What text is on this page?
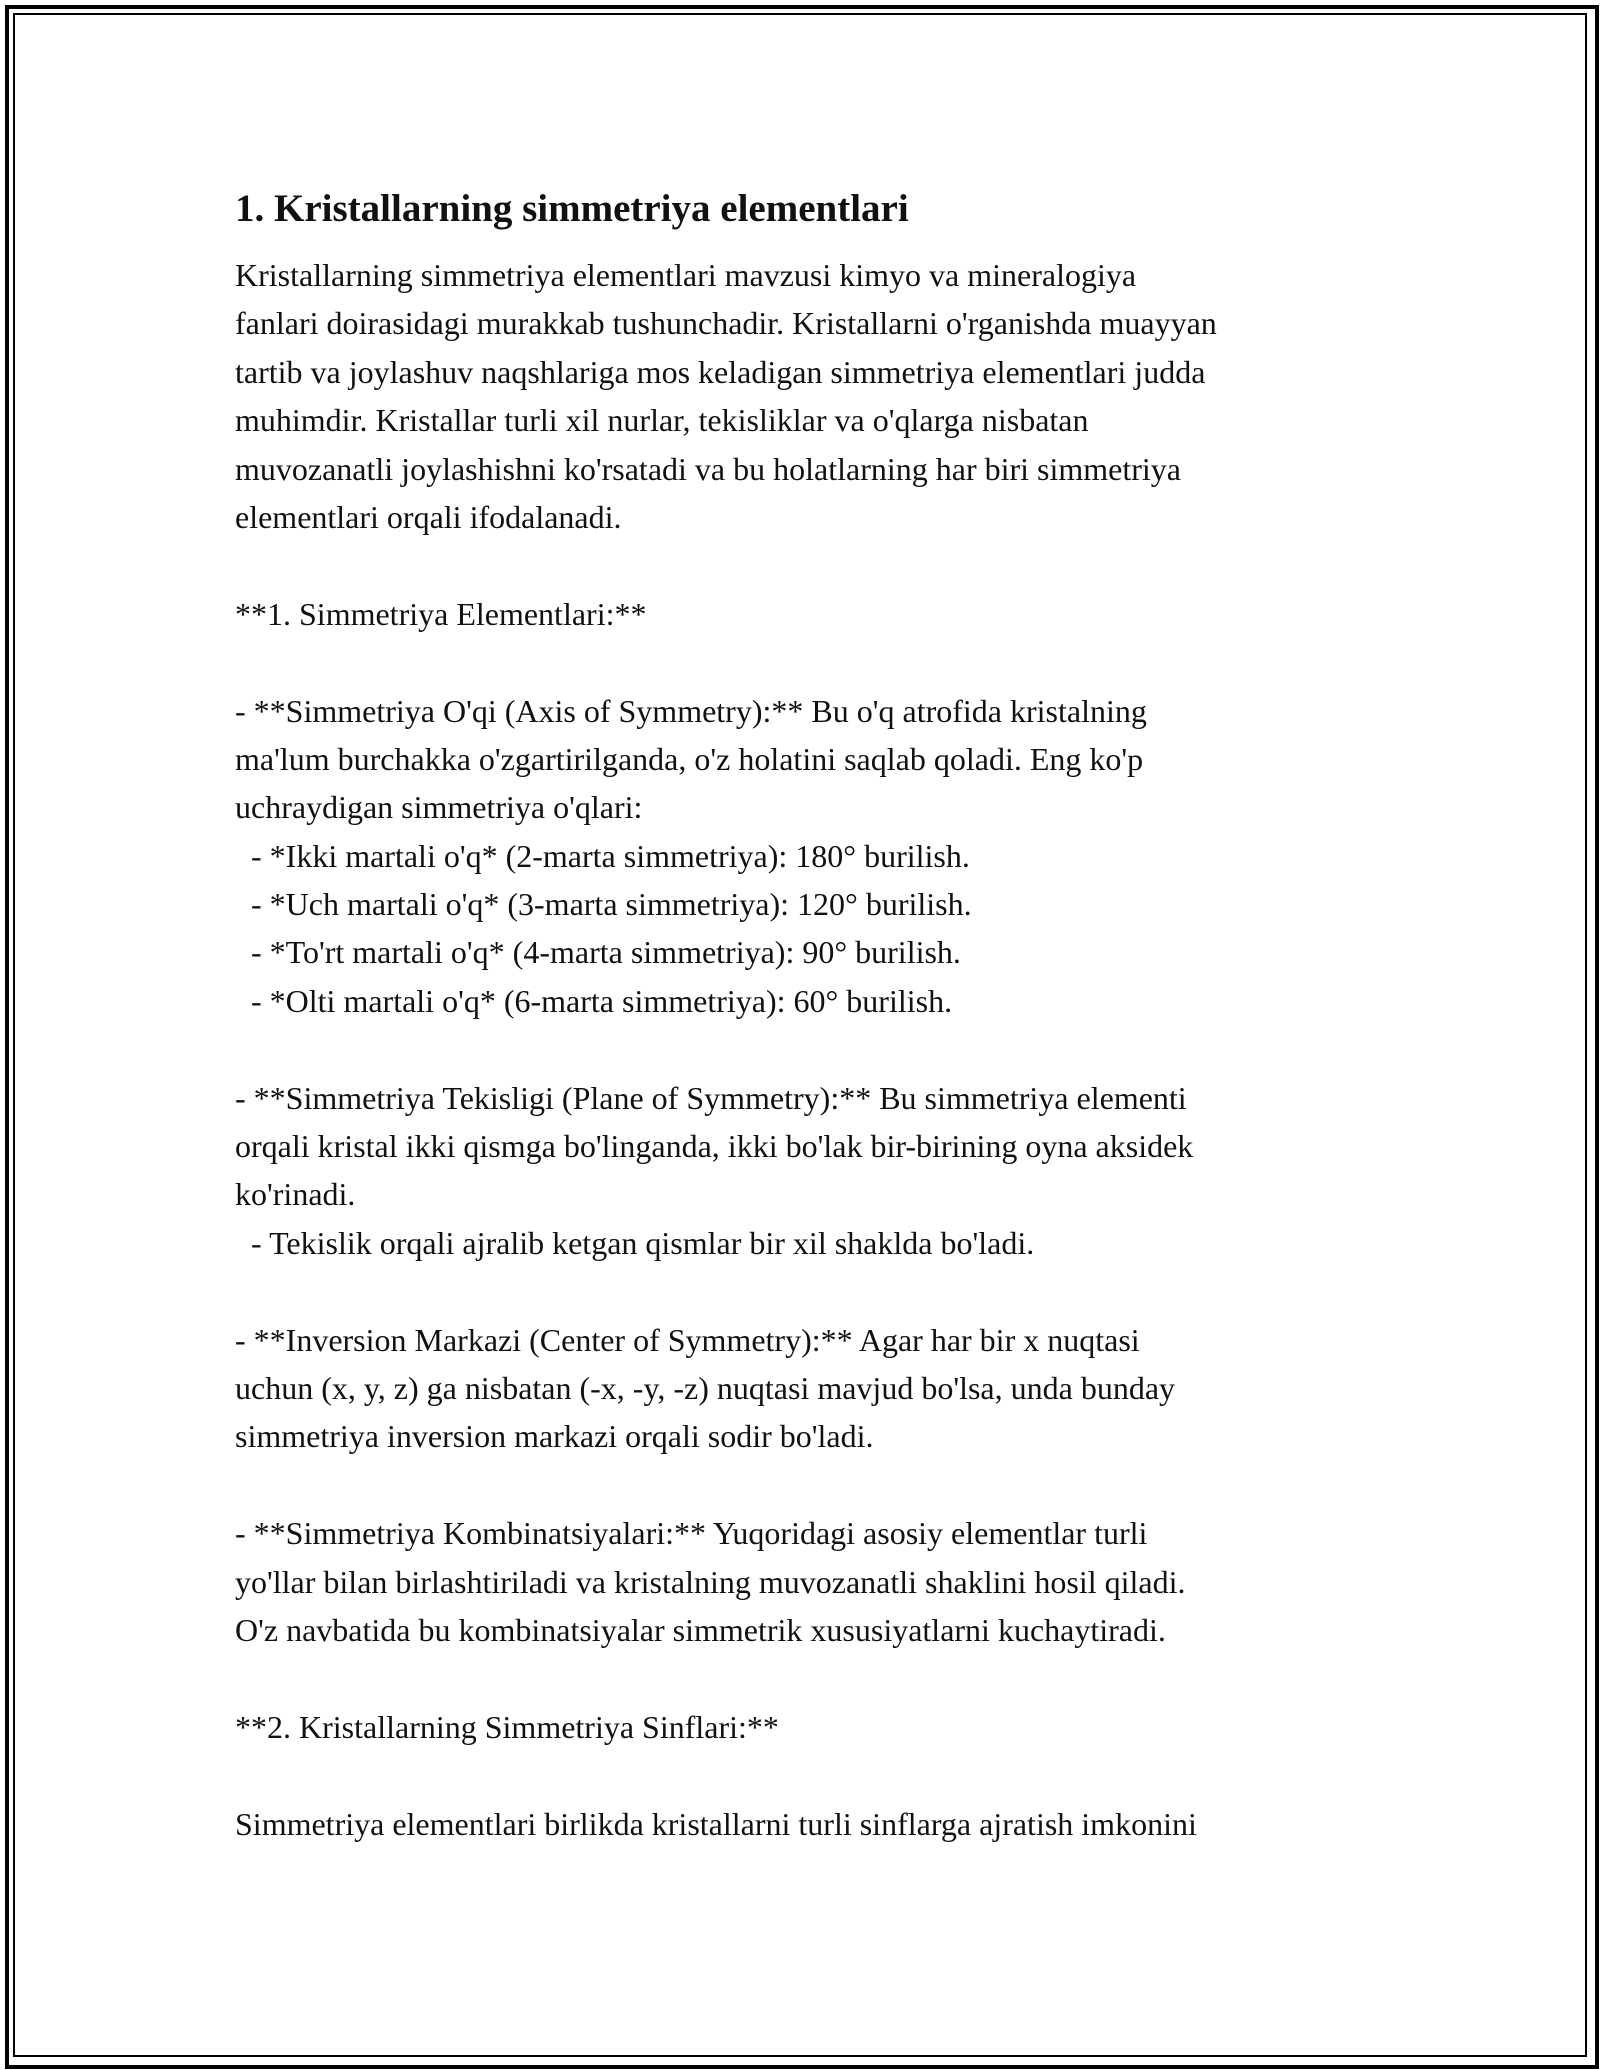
1. Kristallarning simmetriya elementlari
Kristallarning simmetriya elementlari mavzusi kimyo va mineralogiya
fanlari doirasidagi murakkab tushunchadir. Kristallarni o'rganishda muayyan
tartib va joylashuv naqshlariga mos keladigan simmetriya elementlari judda
muhimdir. Kristallar turli xil nurlar, tekisliklar va o'qlarga nisbatan
muvozanatli joylashishni ko'rsatadi va bu holatlarning har biri simmetriya
elementlari orqali ifodalanadi.
**1. Simmetriya Elementlari:**
- **Simmetriya O'qi (Axis of Symmetry):** Bu o'q atrofida kristalning
ma'lum burchakka o'zgartirilganda, o'z holatini saqlab qoladi. Eng ko'p
uchraydigan simmetriya o'qlari:
- *Ikki martali o'q* (2-marta simmetriya): 180° burilish.
- *Uch martali o'q* (3-marta simmetriya): 120° burilish.
- *To'rt martali o'q* (4-marta simmetriya): 90° burilish.
- *Olti martali o'q* (6-marta simmetriya): 60° burilish.
- **Simmetriya Tekisligi (Plane of Symmetry):** Bu simmetriya elementi
orqali kristal ikki qismga bo'linganda, ikki bo'lak bir-birining oyna aksidek
ko'rinadi.
- Tekislik orqali ajralib ketgan qismlar bir xil shakldа bo'ladi.
- **Inversion Markazi (Center of Symmetry):** Agar har bir x nuqtasi
uchun (x, y, z) ga nisbatan (-x, -y, -z) nuqtasi mavjud bo'lsa, unda bunday
simmetriya inversion markazi orqali sodir bo'ladi.
- **Simmetriya Kombinatsiyalari:** Yuqoridagi asosiy elementlar turli
yo'llar bilan birlashtiriladi va kristalning muvozanatli shaklini hosil qiladi.
O'z navbatida bu kombinatsiyalar simmetrik xususiyatlarni kuchaytiradi.
**2. Kristallarning Simmetriya Sinflari:**
Simmetriya elementlari birlikda kristallarni turli sinflarga ajratish imkonini
